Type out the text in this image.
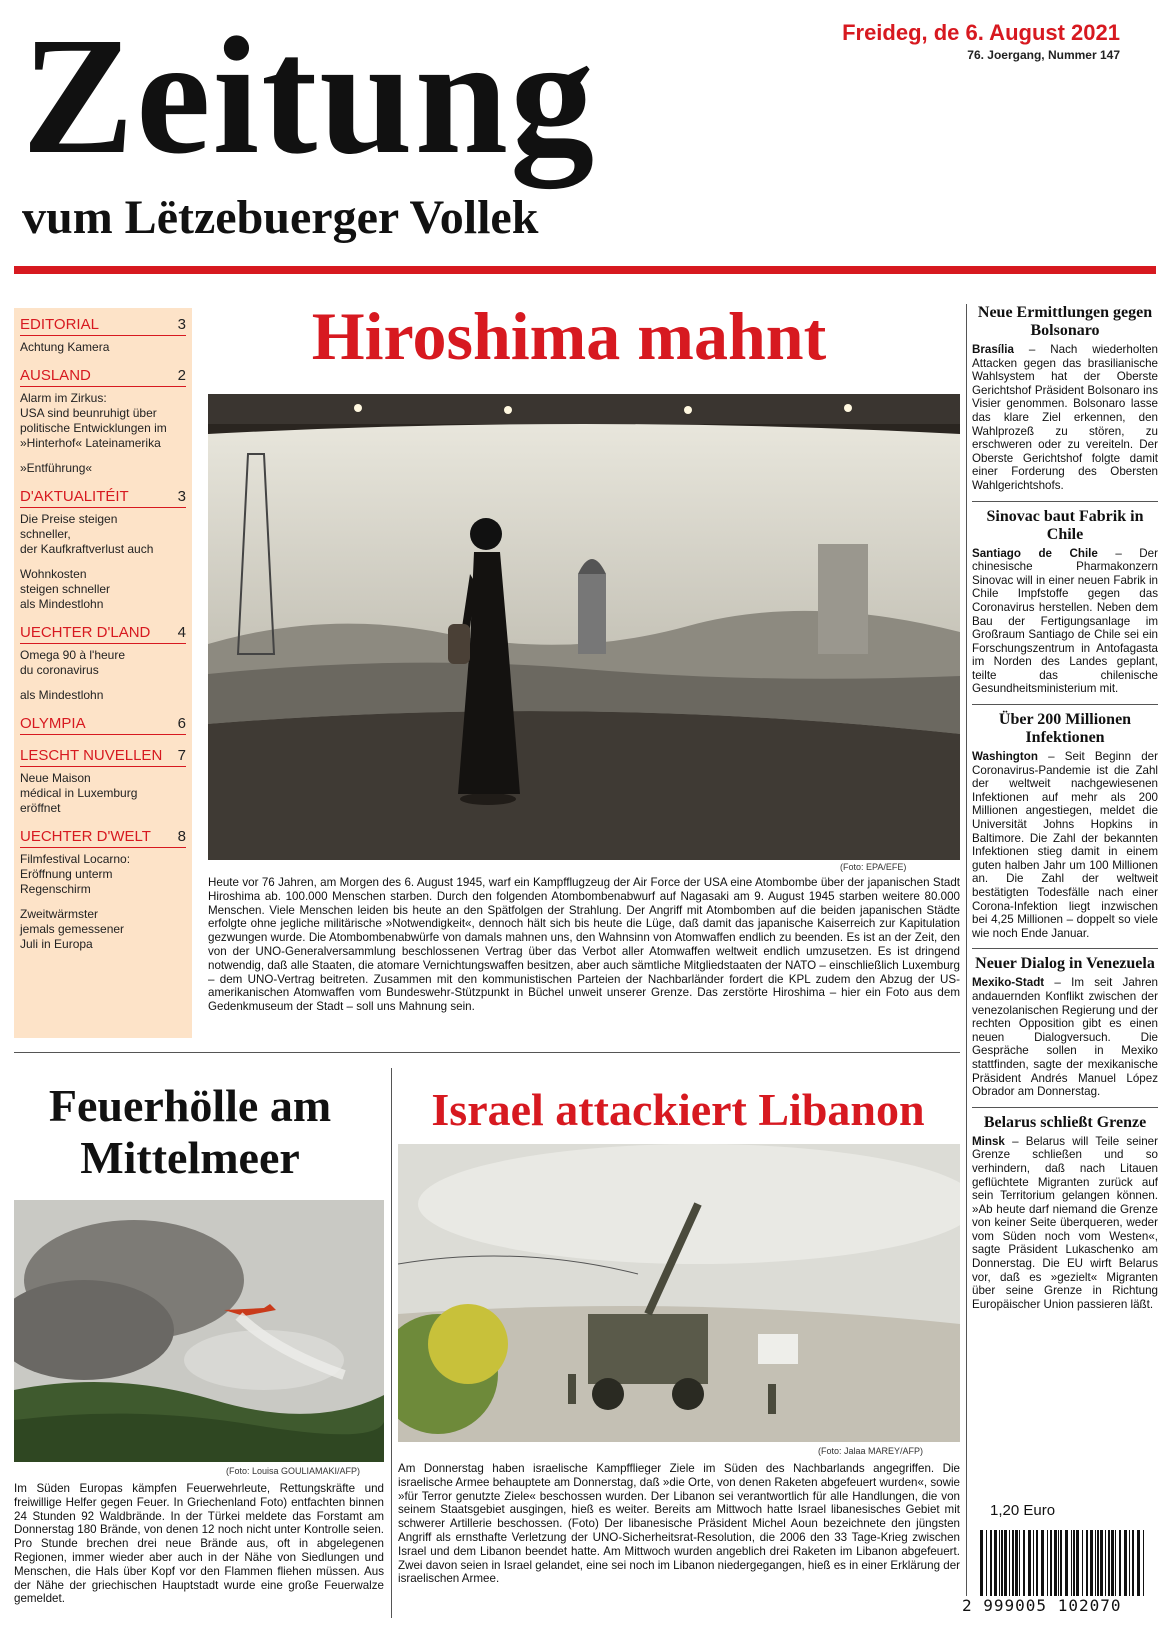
Zeitung
vum Lëtzebuerger Vollek
Freideg, de 6. August 2021
76. Joergang, Nummer 147
EDITORIAL	3
Achtung Kamera
AUSLAND	2
Alarm im Zirkus:
USA sind beunruhigt über
politische Entwicklungen im
»Hinterhof« Lateinamerika
»Entführung«
D'AKTUALITÉIT	3
Die Preise steigen
schneller,
der Kaufkraftverlust auch
Wohnkosten
steigen schneller
als Mindestlohn
UECHTER D'LAND 4
Omega 90 à l'heure
du coronavirus
als Mindestlohn
OLYMPIA	6
LESCHT NUVELLEN 7
Neue Maison
médical in Luxemburg
eröffnet
UECHTER D'WELT 8
Filmfestival Locarno:
Eröffnung unterm
Regenschirm
Zweitwärmster
jemals gemessener
Juli in Europa
Hiroshima mahnt
(Foto: EPA/EFE)
Heute vor 76 Jahren, am Morgen des 6. August 1945, warf ein Kampfflugzeug der Air Force der USA eine Atombombe über der japanischen Stadt Hiroshima ab. 100.000 Menschen starben. Durch den folgenden Atombombenabwurf auf Nagasaki am 9. August 1945 starben weitere 80.000 Menschen. Viele Menschen leiden bis heute an den Spätfolgen der Strahlung. Der Angriff mit Atombomben auf die beiden japanischen Städte erfolgte ohne jegliche militärische »Notwendigkeit«, dennoch hält sich bis heute die Lüge, daß damit das japanische Kaiserreich zur Kapitulation gezwungen wurde. Die Atombombenabwürfe von damals mahnen uns, den Wahnsinn von Atomwaffen endlich zu beenden. Es ist an der Zeit, den von der UNO-Generalversammlung beschlossenen Vertrag über das Verbot aller Atomwaffen weltweit endlich umzusetzen. Es ist dringend notwendig, daß alle Staaten, die atomare Vernichtungswaffen besitzen, aber auch sämtliche Mitgliedstaaten der NATO – einschließlich Luxemburg – dem UNO-Vertrag beitreten. Zusammen mit den kommunistischen Parteien der Nachbarländer fordert die KPL zudem den Abzug der US-amerikanischen Atomwaffen vom Bundeswehr-Stützpunkt in Büchel unweit unserer Grenze. Das zerstörte Hiroshima – hier ein Foto aus dem Gedenkmuseum der Stadt – soll uns Mahnung sein.
Feuerhölle am Mittelmeer
(Foto: Louisa GOULIAMAKI/AFP)
Im Süden Europas kämpfen Feuerwehrleute, Rettungskräfte und freiwillige Helfer gegen Feuer. In Griechenland Foto) entfachten binnen 24 Stunden 92 Waldbrände. In der Türkei meldete das Forstamt am Donnerstag 180 Brände, von denen 12 noch nicht unter Kontrolle seien. Pro Stunde brechen drei neue Brände aus, oft in abgelegenen Regionen, immer wieder aber auch in der Nähe von Siedlungen und Menschen, die Hals über Kopf vor den Flammen fliehen müssen. Aus der Nähe der griechischen Hauptstadt wurde eine große Feuerwalze gemeldet.
Israel attackiert Libanon
(Foto: Jalaa MAREY/AFP)
Am Donnerstag haben israelische Kampfflieger Ziele im Süden des Nachbarlands angegriffen. Die israelische Armee behauptete am Donnerstag, daß »die Orte, von denen Raketen abgefeuert wurden«, sowie »für Terror genutzte Ziele« beschossen wurden. Der Libanon sei verantwortlich für alle Handlungen, die von seinem Staatsgebiet ausgingen, hieß es weiter. Bereits am Mittwoch hatte Israel libanesisches Gebiet mit schwerer Artillerie beschossen. (Foto) Der libanesische Präsident Michel Aoun bezeichnete den jüngsten Angriff als ernsthafte Verletzung der UNO-Sicherheitsrat-Resolution, die 2006 den 33 Tage-Krieg zwischen Israel und dem Libanon beendet hatte. Am Mittwoch wurden angeblich drei Raketen im Libanon abgefeuert. Zwei davon seien in Israel gelandet, eine sei noch im Libanon niedergegangen, hieß es in einer Erklärung der israelischen Armee.
Neue Ermittlungen gegen Bolsonaro
Brasília – Nach wiederholten Attacken gegen das brasilianische Wahlsystem hat der Oberste Gerichtshof Präsident Bolsonaro ins Visier genommen. Bolsonaro lasse das klare Ziel erkennen, den Wahlprozeß zu stören, zu erschweren oder zu vereiteln. Der Oberste Gerichtshof folgte damit einer Forderung des Obersten Wahlgerichtshofs.
Sinovac baut Fabrik in Chile
Santiago de Chile – Der chinesische Pharmakonzern Sinovac will in einer neuen Fabrik in Chile Impfstoffe gegen das Coronavirus herstellen. Neben dem Bau der Fertigungsanlage im Großraum Santiago de Chile sei ein Forschungszentrum in Antofagasta im Norden des Landes geplant, teilte das chilenische Gesundheitsministerium mit.
Über 200 Millionen Infektionen
Washington – Seit Beginn der Coronavirus-Pandemie ist die Zahl der weltweit nachgewiesenen Infektionen auf mehr als 200 Millionen angestiegen, meldet die Universität Johns Hopkins in Baltimore. Die Zahl der bekannten Infektionen stieg damit in einem guten halben Jahr um 100 Millionen an. Die Zahl der weltweit bestätigten Todesfälle nach einer Corona-Infektion liegt inzwischen bei 4,25 Millionen – doppelt so viele wie noch Ende Januar.
Neuer Dialog in Venezuela
Mexiko-Stadt – Im seit Jahren andauernden Konflikt zwischen der venezolanischen Regierung und der rechten Opposition gibt es einen neuen Dialogversuch. Die Gespräche sollen in Mexiko stattfinden, sagte der mexikanische Präsident Andrés Manuel López Obrador am Donnerstag.
Belarus schließt Grenze
Minsk – Belarus will Teile seiner Grenze schließen und so verhindern, daß nach Litauen geflüchtete Migranten zurück auf sein Territorium gelangen können. »Ab heute darf niemand die Grenze von keiner Seite überqueren, weder vom Süden noch vom Westen«, sagte Präsident Lukaschenko am Donnerstag. Die EU wirft Belarus vor, daß es »gezielt« Migranten über seine Grenze in Richtung Europäischer Union passieren läßt.
1,20 Euro
2 999005 102070
